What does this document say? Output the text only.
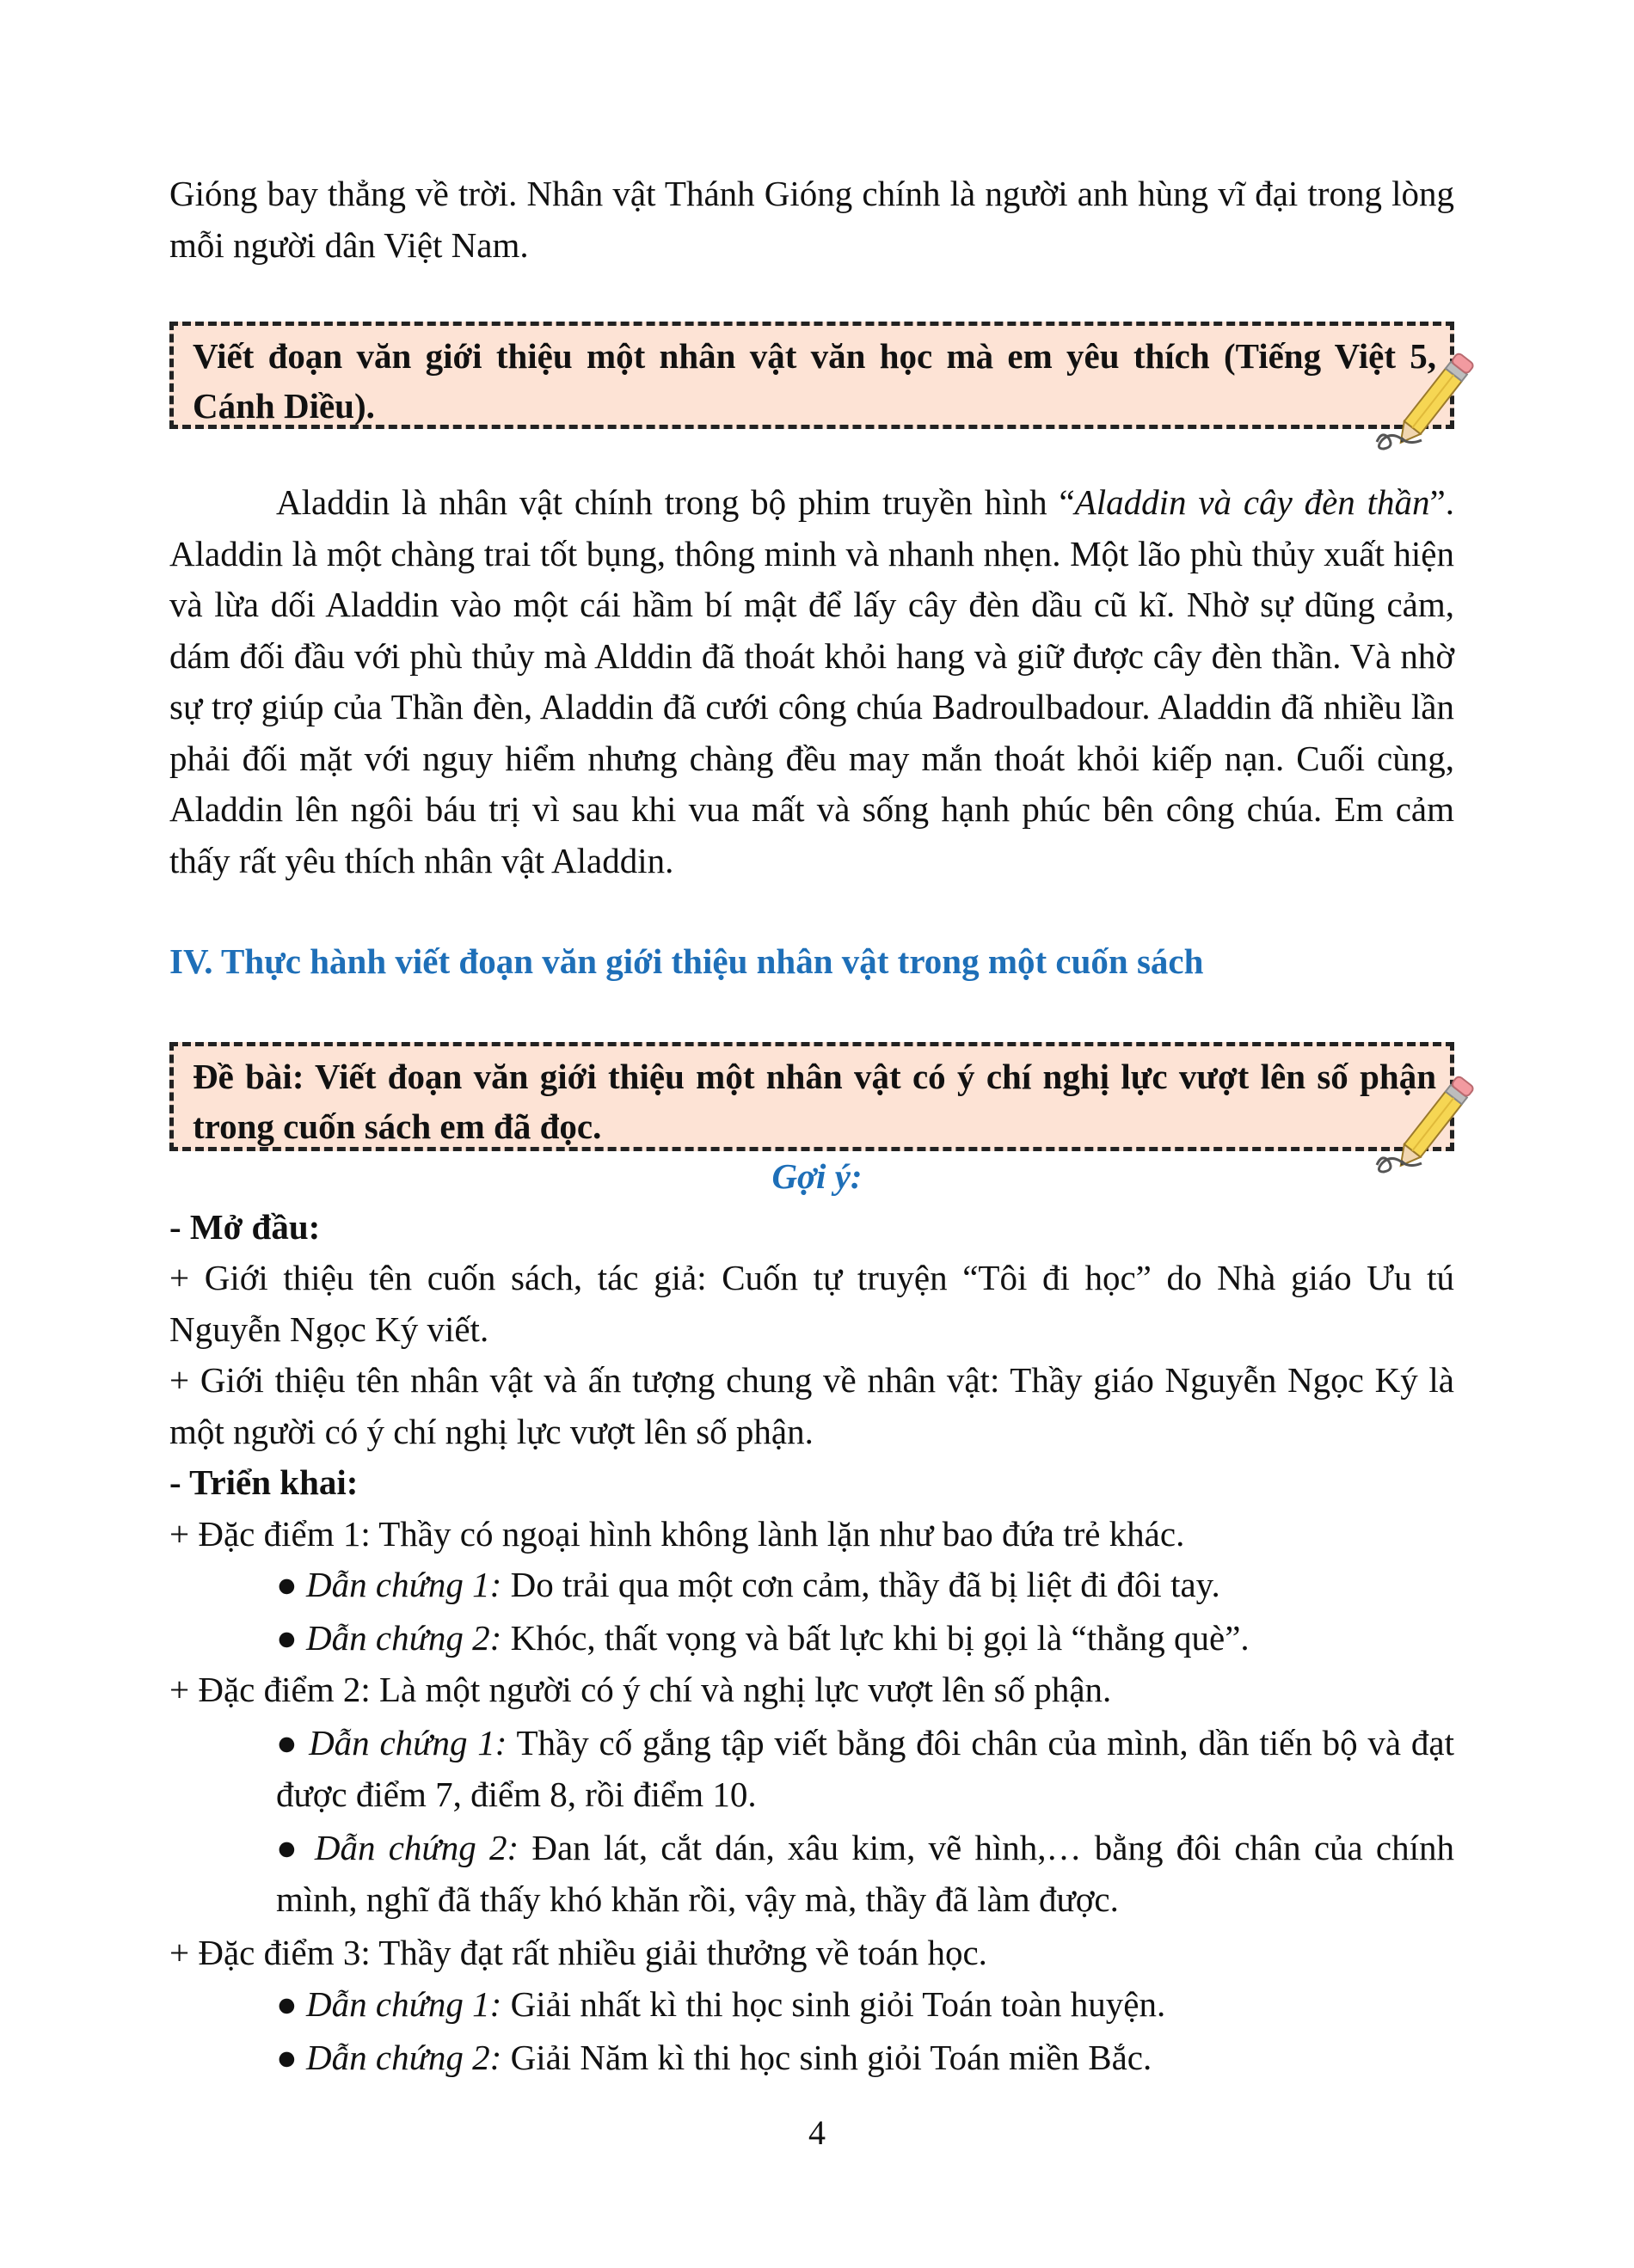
Gióng bay thẳng về trời. Nhân vật Thánh Gióng chính là người anh hùng vĩ đại trong lòng mỗi người dân Việt Nam.

Viết đoạn văn giới thiệu một nhân vật văn học mà em yêu thích (Tiếng Việt 5, Cánh Diều).

Aladdin là nhân vật chính trong bộ phim truyền hình “Aladdin và cây đèn thần”. Aladdin là một chàng trai tốt bụng, thông minh và nhanh nhẹn. Một lão phù thủy xuất hiện và lừa dối Aladdin vào một cái hầm bí mật để lấy cây đèn dầu cũ kĩ. Nhờ sự dũng cảm, dám đối đầu với phù thủy mà Alddin đã thoát khỏi hang và giữ được cây đèn thần. Và nhờ sự trợ giúp của Thần đèn, Aladdin đã cưới công chúa Badroulbadour. Aladdin đã nhiều lần phải đối mặt với nguy hiểm nhưng chàng đều may mắn thoát khỏi kiếp nạn. Cuối cùng, Aladdin lên ngôi báu trị vì sau khi vua mất và sống hạnh phúc bên công chúa. Em cảm thấy rất yêu thích nhân vật Aladdin.

IV. Thực hành viết đoạn văn giới thiệu nhân vật trong một cuốn sách

Đề bài: Viết đoạn văn giới thiệu một nhân vật có ý chí nghị lực vượt lên số phận trong cuốn sách em đã đọc.
Gợi ý:

- Mở đầu:

+ Giới thiệu tên cuốn sách, tác giả: Cuốn tự truyện “Tôi đi học” do Nhà giáo Ưu tú Nguyễn Ngọc Ký viết.

+ Giới thiệu tên nhân vật và ấn tượng chung về nhân vật: Thầy giáo Nguyễn Ngọc Ký là một người có ý chí nghị lực vượt lên số phận.

- Triển khai:

+ Đặc điểm 1: Thầy có ngoại hình không lành lặn như bao đứa trẻ khác.

● Dẫn chứng 1: Do trải qua một cơn cảm, thầy đã bị liệt đi đôi tay.

● Dẫn chứng 2: Khóc, thất vọng và bất lực khi bị gọi là “thằng què”.

+ Đặc điểm 2: Là một người có ý chí và nghị lực vượt lên số phận.

● Dẫn chứng 1: Thầy cố gắng tập viết bằng đôi chân của mình, dần tiến bộ và đạt được điểm 7, điểm 8, rồi điểm 10.

● Dẫn chứng 2: Đan lát, cắt dán, xâu kim, vẽ hình,… bằng đôi chân của chính mình, nghĩ đã thấy khó khăn rồi, vậy mà, thầy đã làm được.

+ Đặc điểm 3: Thầy đạt rất nhiều giải thưởng về toán học.

● Dẫn chứng 1: Giải nhất kì thi học sinh giỏi Toán toàn huyện.

● Dẫn chứng 2: Giải Năm kì thi học sinh giỏi Toán miền Bắc.

4
